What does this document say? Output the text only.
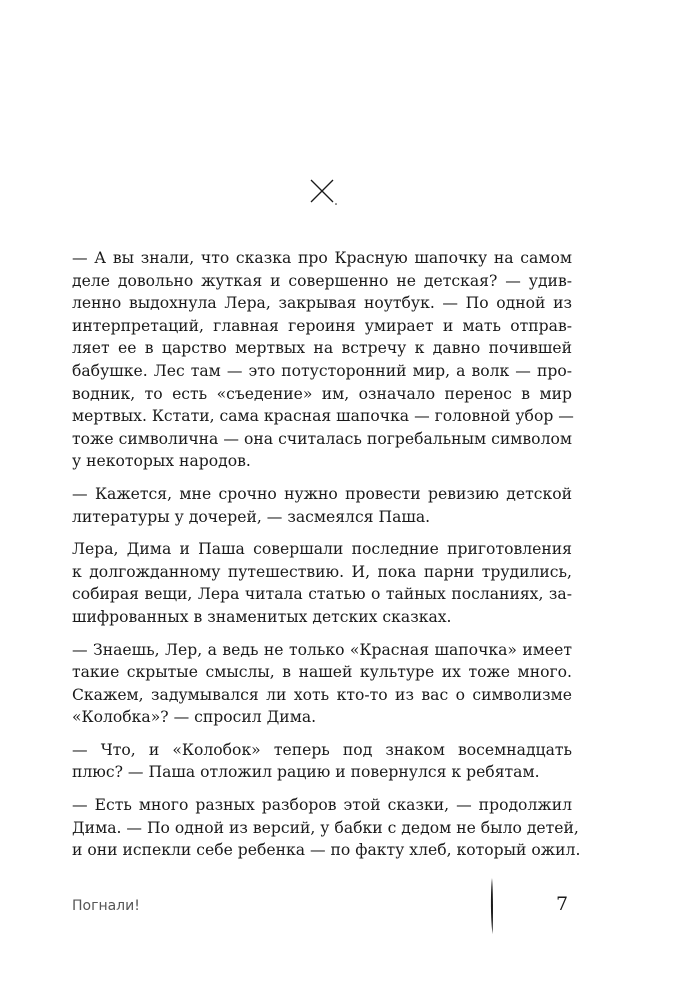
— А вы знали, что сказка про Красную шапочку на самом
деле довольно жуткая и совершенно не детская? — удив-
ленно выдохнула Лера, закрывая ноутбук. — По одной из
интерпретаций, главная героиня умирает и мать отправ-
ляет ее в царство мертвых на встречу к давно почившей
бабушке. Лес там — это потусторонний мир, а волк — про-
водник, то есть «съедение» им, означало перенос в мир
мертвых. Кстати, сама красная шапочка — головной убор —
тоже символична — она считалась погребальным символом
у некоторых народов.

— Кажется, мне срочно нужно провести ревизию детской
литературы у дочерей, — засмеялся Паша.

Лера, Дима и Паша совершали последние приготовления
к долгожданному путешествию. И, пока парни трудились,
собирая вещи, Лера читала статью о тайных посланиях, за-
шифрованных в знаменитых детских сказках.

— Знаешь, Лер, а ведь не только «Красная шапочка» имеет
такие скрытые смыслы, в нашей культуре их тоже много.
Скажем, задумывался ли хоть кто-то из вас о символизме
«Колобка»? — спросил Дима.

— Что, и «Колобок» теперь под знаком восемнадцать
плюс? — Паша отложил рацию и повернулся к ребятам.

— Есть много разных разборов этой сказки, — продолжил
Дима. — По одной из версий, у бабки с дедом не было детей,
и они испекли себе ребенка — по факту хлеб, который ожил.

Погнали!	7
